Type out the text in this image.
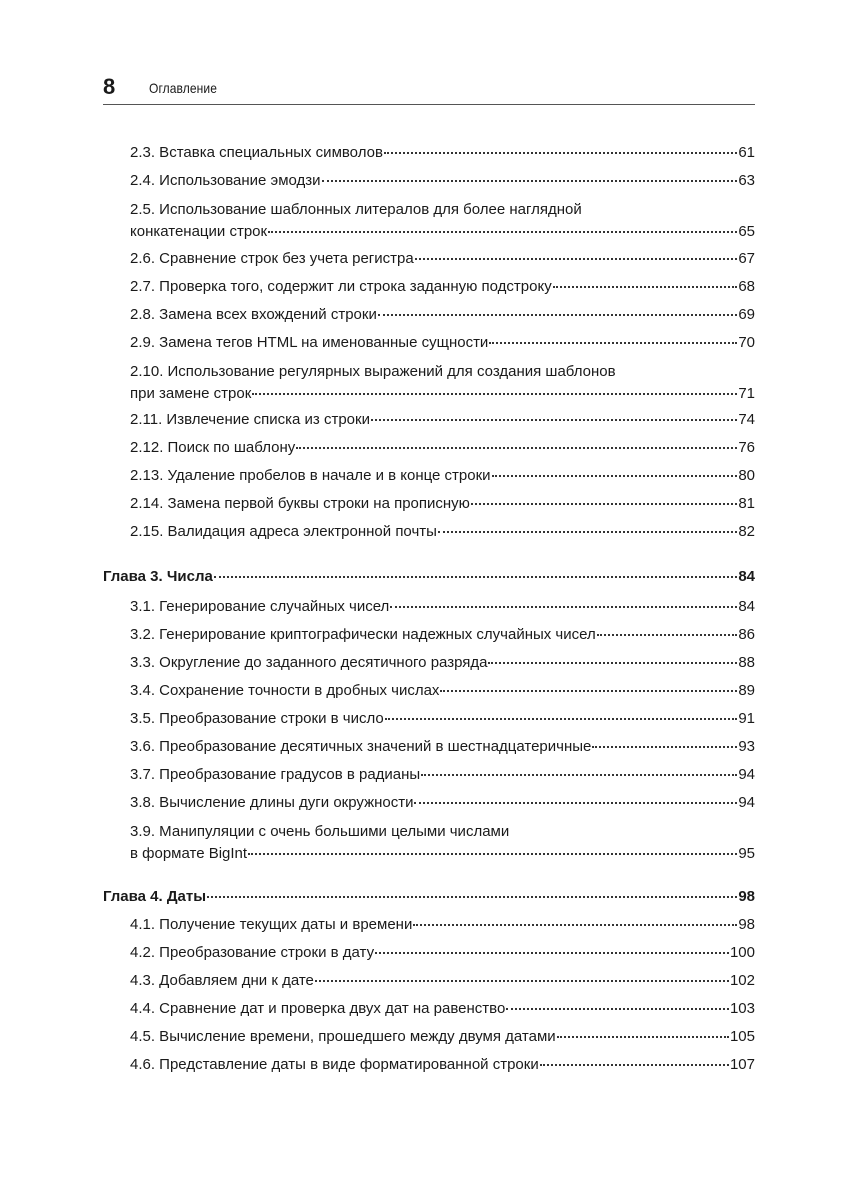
8 Оглавление
2.3. Вставка специальных символов	61
2.4. Использование эмодзи	63
2.5. Использование шаблонных литералов для более наглядной
конкатенации строк	65
2.6. Сравнение строк без учета регистра	67
2.7. Проверка того, содержит ли строка заданную подстроку	68
2.8. Замена всех вхождений строки	69
2.9. Замена тегов HTML на именованные сущности	70
2.10. Использование регулярных выражений для создания шаблонов
при замене строк	71
2.11. Извлечение списка из строки	74
2.12. Поиск по шаблону	76
2.13. Удаление пробелов в начале и в конце строки	80
2.14. Замена первой буквы строки на прописную	81
2.15. Валидация адреса электронной почты	82
Глава 3. Числа	84
3.1. Генерирование случайных чисел	84
3.2. Генерирование криптографически надежных случайных чисел	86
3.3. Округление до заданного десятичного разряда	88
3.4. Сохранение точности в дробных числах	89
3.5. Преобразование строки в число	91
3.6. Преобразование десятичных значений в шестнадцатеричные	93
3.7. Преобразование градусов в радианы	94
3.8. Вычисление длины дуги окружности	94
3.9. Манипуляции с очень большими целыми числами
в формате BigInt	95
Глава 4. Даты	98
4.1. Получение текущих даты и времени	98
4.2. Преобразование строки в дату	100
4.3. Добавляем дни к дате	102
4.4. Сравнение дат и проверка двух дат на равенство	103
4.5. Вычисление времени, прошедшего между двумя датами	105
4.6. Представление даты в виде форматированной строки	107
